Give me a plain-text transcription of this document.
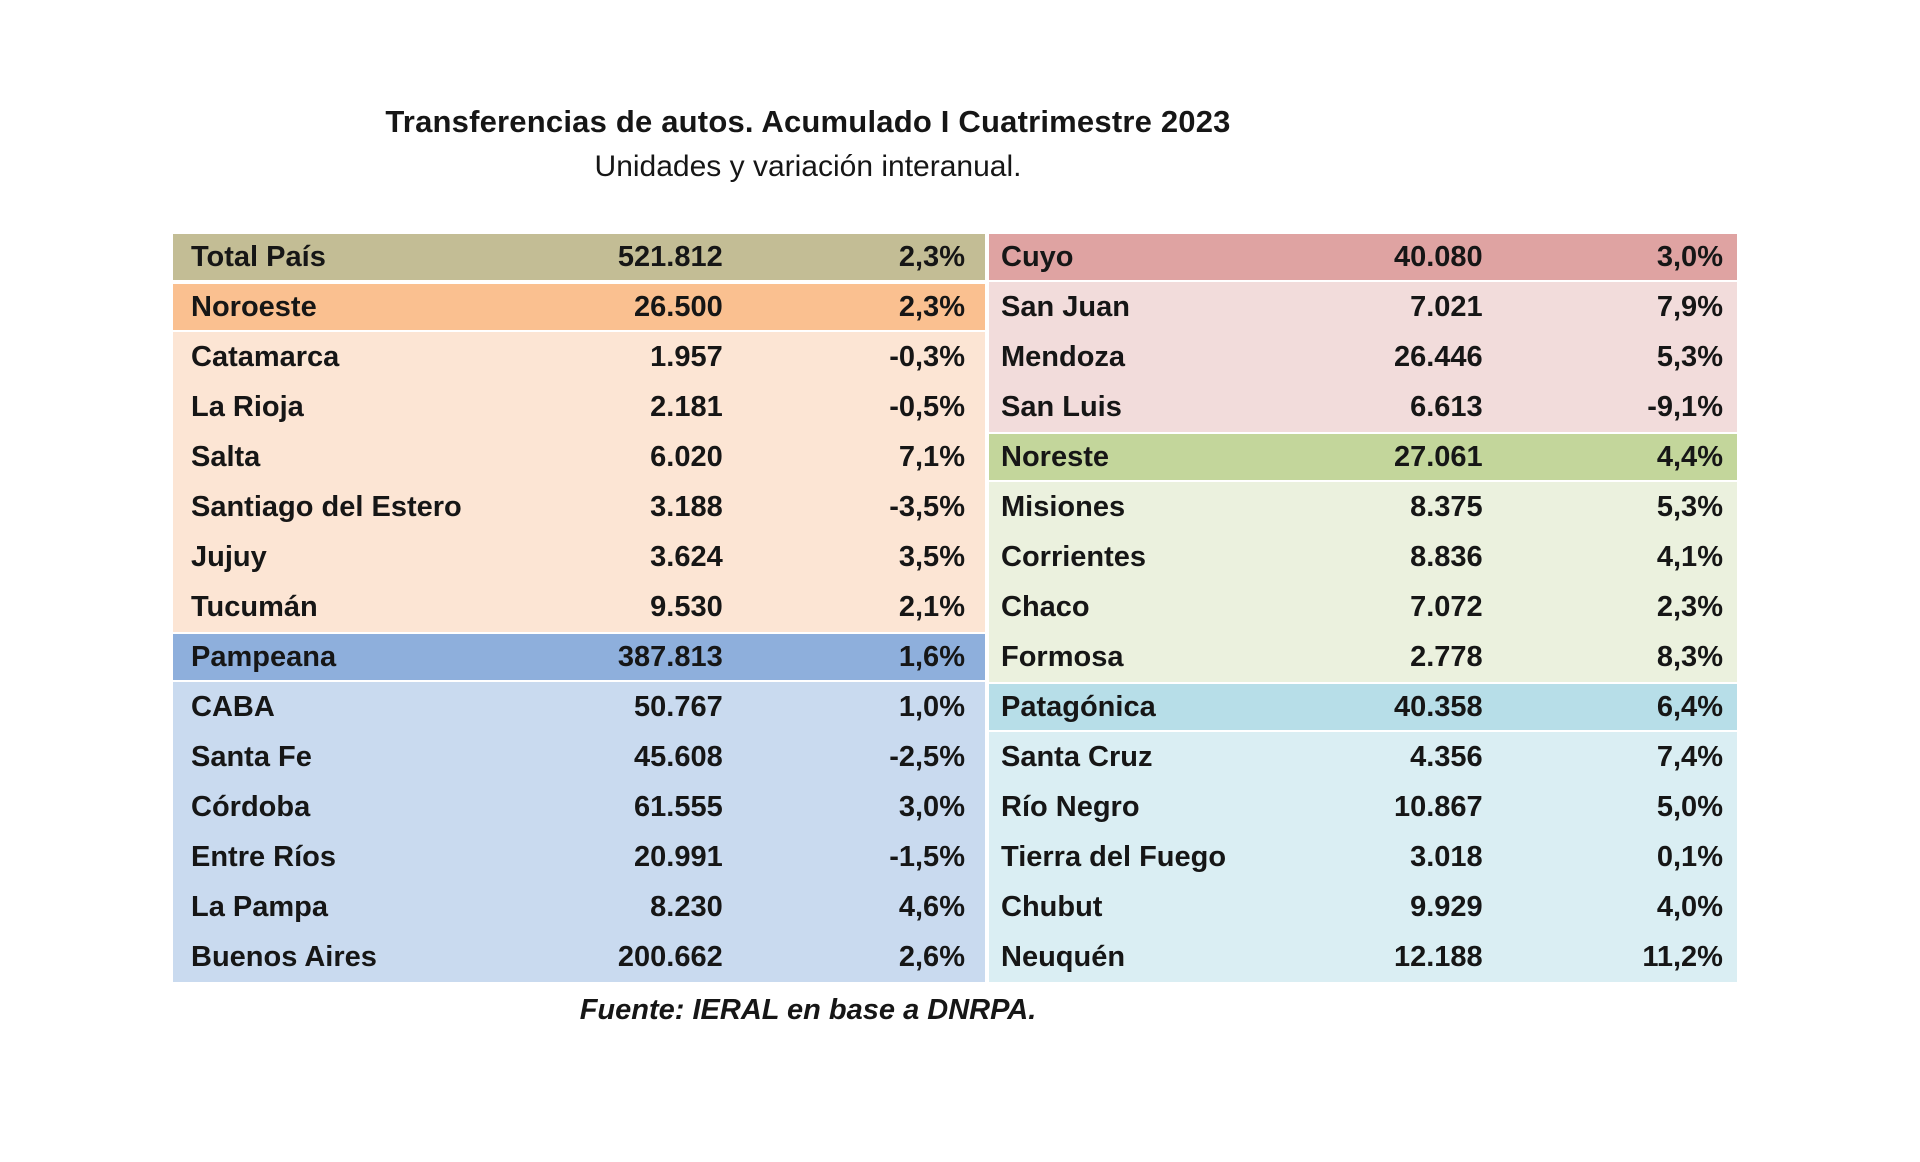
Transferencias de autos. Acumulado I Cuatrimestre 2023
Unidades y variación interanual.
Total País	521.812	2,3%
Noroeste	26.500	2,3%
Catamarca	1.957	-0,3%
La Rioja	2.181	-0,5%
Salta	6.020	7,1%
Santiago del Estero	3.188	-3,5%
Jujuy	3.624	3,5%
Tucumán	9.530	2,1%
Pampeana	387.813	1,6%
CABA	50.767	1,0%
Santa Fe	45.608	-2,5%
Córdoba	61.555	3,0%
Entre Ríos	20.991	-1,5%
La Pampa	8.230	4,6%
Buenos Aires	200.662	2,6%
Cuyo	40.080	3,0%
San Juan	7.021	7,9%
Mendoza	26.446	5,3%
San Luis	6.613	-9,1%
Noreste	27.061	4,4%
Misiones	8.375	5,3%
Corrientes	8.836	4,1%
Chaco	7.072	2,3%
Formosa	2.778	8,3%
Patagónica	40.358	6,4%
Santa Cruz	4.356	7,4%
Río Negro	10.867	5,0%
Tierra del Fuego	3.018	0,1%
Chubut	9.929	4,0%
Neuquén	12.188	11,2%
Fuente: IERAL en base a DNRPA.
